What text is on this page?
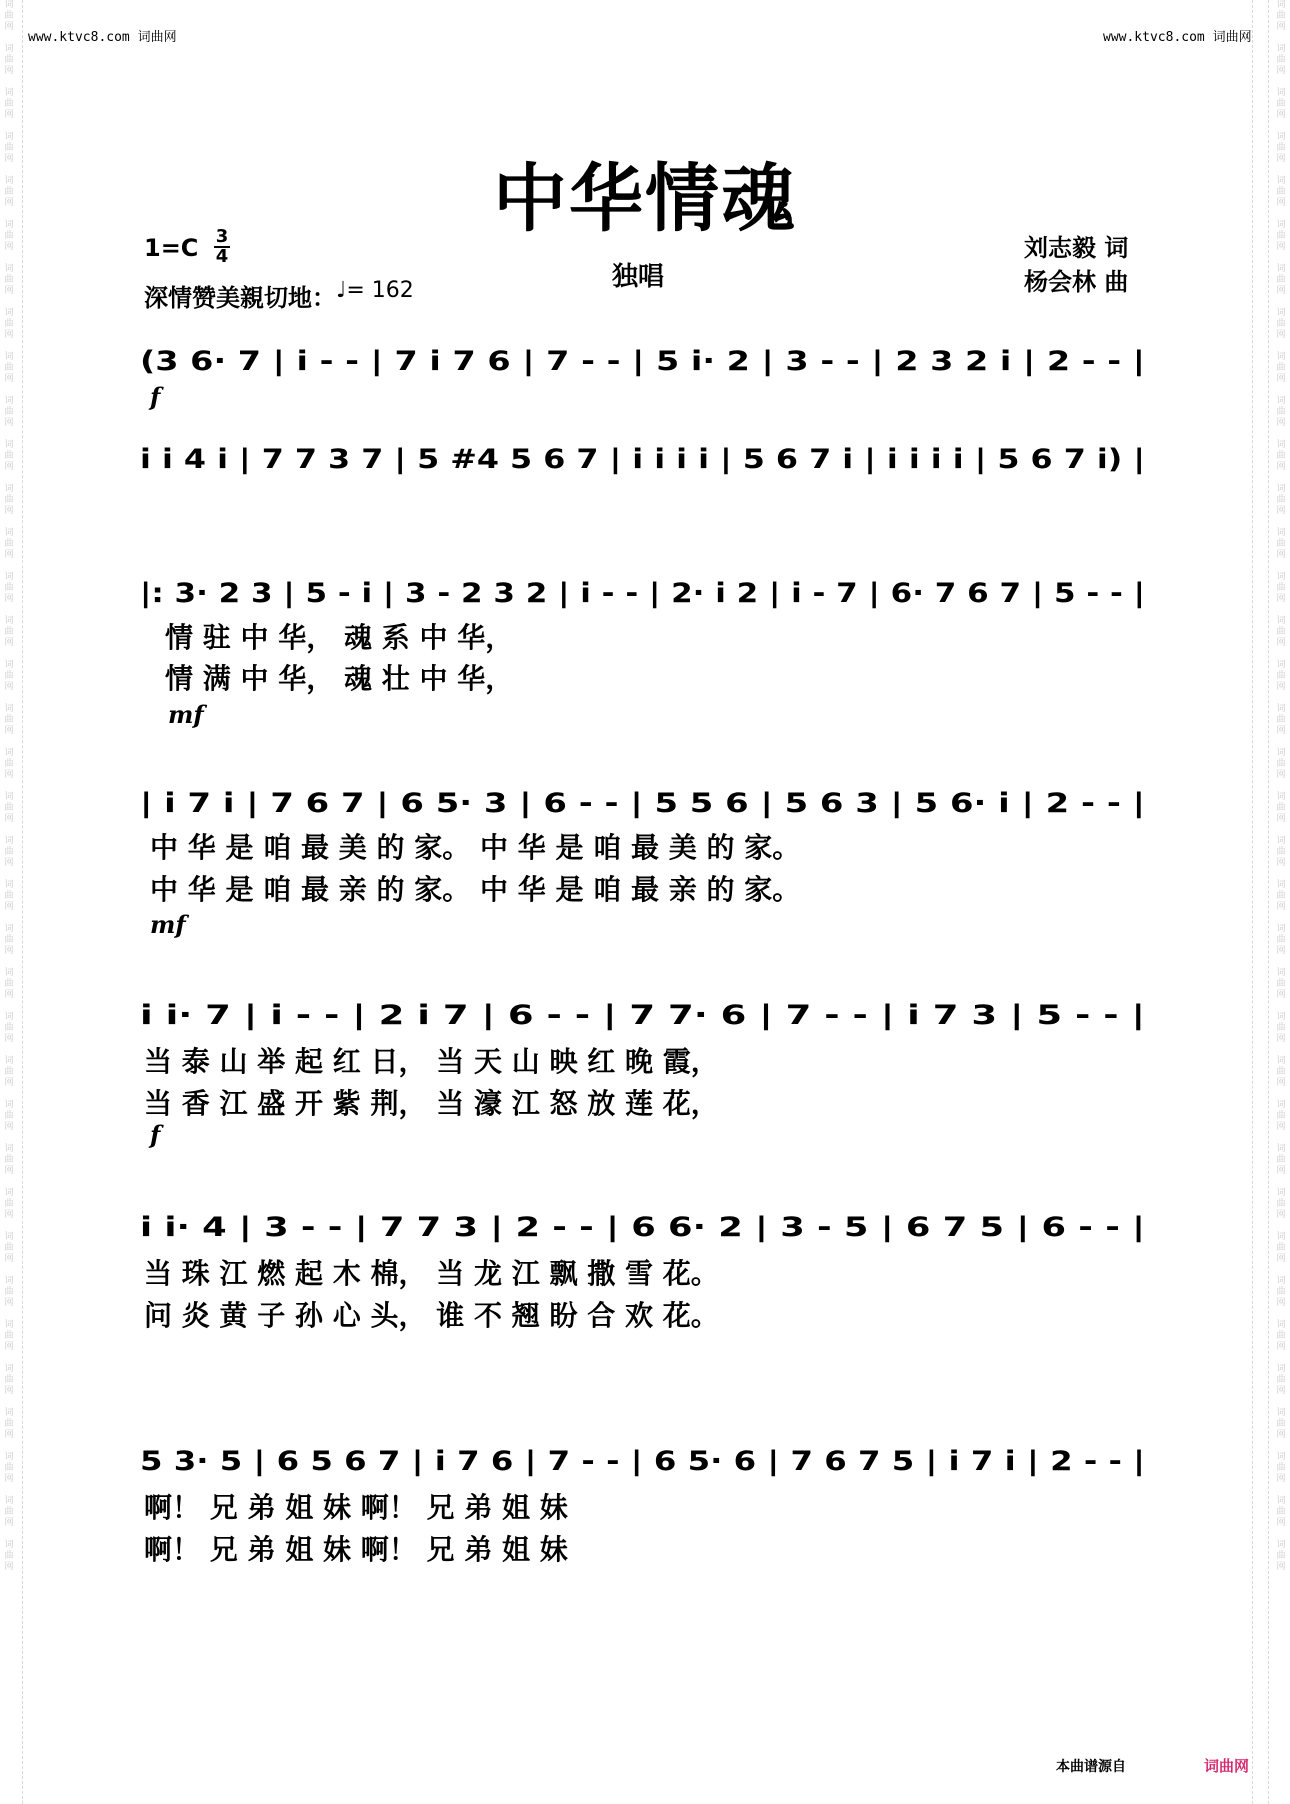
词
曲
网

词
曲
网

词
曲
网

词
曲
网

词
曲
网

词
曲
网

词
曲
网

词
曲
网

词
曲
网

词
曲
网

词
曲
网

词
曲
网

词
曲
网

词
曲
网

词
曲
网

词
曲
网

词
曲
网

词
曲
网

词
曲
网

词
曲
网

词
曲
网

词
曲
网

词
曲
网

词
曲
网

词
曲
网

词
曲
网

词
曲
网

词
曲
网

词
曲
网

词
曲
网

词
曲
网

词
曲
网

词
曲
网

词
曲
网

词
曲
网

词
曲
网

词
曲
网

词
曲
网

词
曲
网

词
曲
网

词
曲
网

词
曲
网

词
曲
网

词
曲
网

词
曲
网

词
曲
网

词
曲
网

词
曲
网

词
曲
网

词
曲
网

词
曲
网

词
曲
网

词
曲
网

词
曲
网

词
曲
网

词
曲
网

词
曲
网

词
曲
网

词
曲
网

词
曲
网

词
曲
网

词
曲
网

词
曲
网

词
曲
网

词
曲
网

词
曲
网

词
曲
网

词
曲
网

词
曲
网

词
曲
网

词
曲
网

词
曲
网

www.ktvc8.com 词曲网	www.ktvc8.com 词曲网
中华情魂
1=C 3
4
独唱
深情赞美親切地： ♩= 162
刘志毅 词
杨会林 曲
(3 6· 7 | i - - | 7 i 7 6 | 7 - - | 5 i· 2 | 3 - - | 2 3 2 i | 2 - - |
f
i i 4 i | 7 7 3 7 | 5 #4 5 6 7 | i i i i | 5 6 7 i | i i i i | 5 6 7 i) |
|: 3· 2 3 | 5 - i | 3 - 2 3 2 | i - - | 2· i 2 | i - 7 | 6· 7 6 7 | 5 - - |
情 驻 中 华， 魂 系 中 华，
情 满 中 华， 魂 壮 中 华，
mf
| i 7 i | 7 6 7 | 6 5· 3 | 6 - - | 5 5 6 | 5 6 3 | 5 6· i | 2 - - |
中 华 是 咱 最 美 的 家。 中 华 是 咱 最 美 的 家。
中 华 是 咱 最 亲 的 家。 中 华 是 咱 最 亲 的 家。
mf
i i· 7 | i - - | 2 i 7 | 6 - - | 7 7· 6 | 7 - - | i 7 3 | 5 - - |
当 泰 山 举 起 红 日， 当 天 山 映 红 晚 霞，
当 香 江 盛 开 紫 荆， 当 濠 江 怒 放 莲 花，
f
i i· 4 | 3 - - | 7 7 3 | 2 - - | 6 6· 2 | 3 - 5 | 6 7 5 | 6 - - |
当 珠 江 燃 起 木 棉， 当 龙 江 飘 撒 雪 花。
问 炎 黄 子 孙 心 头， 谁 不 翘 盼 合 欢 花。
5 3· 5 | 6 5 6 7 | i 7 6 | 7 - - | 6 5· 6 | 7 6 7 5 | i 7 i | 2 - - |
啊！ 兄 弟 姐 妹 啊！ 兄 弟 姐 妹
啊！ 兄 弟 姐 妹 啊！ 兄 弟 姐 妹
本曲谱源自	词曲网
